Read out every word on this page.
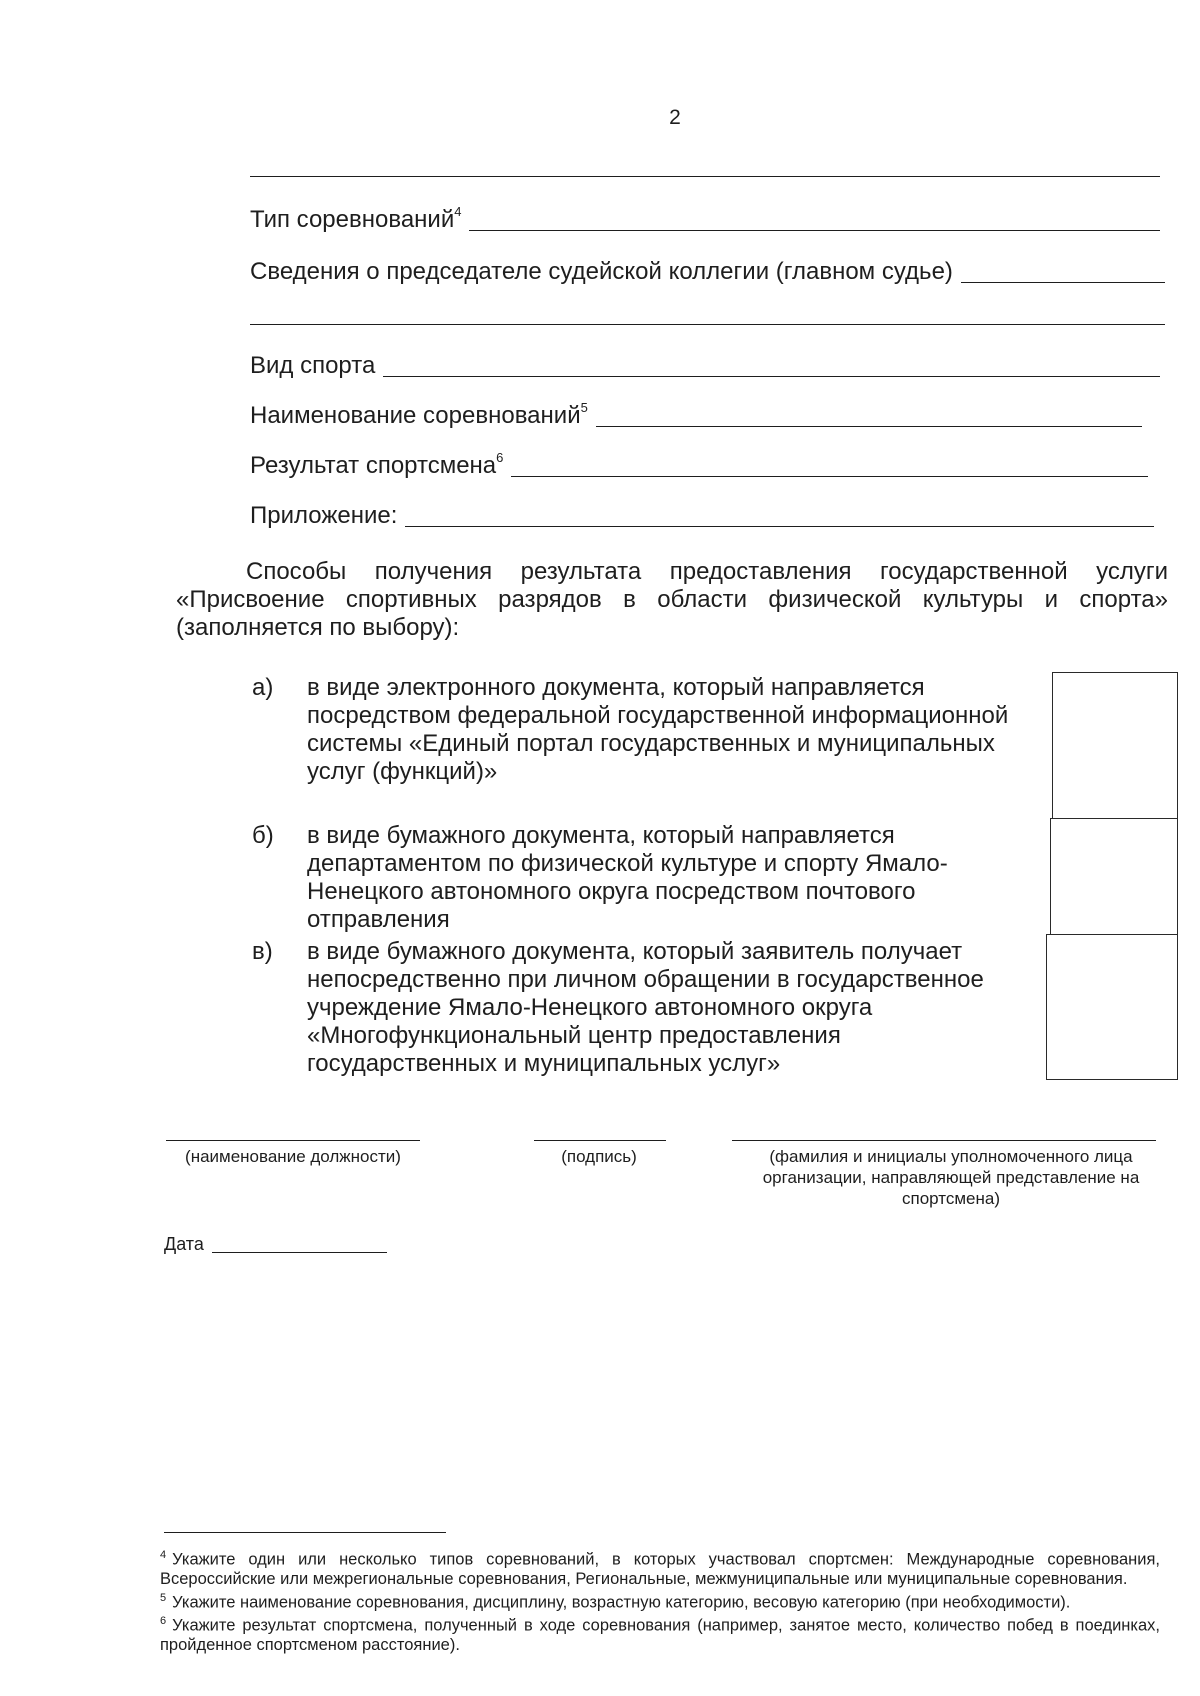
2
Тип соревнований$^4$
Сведения о председателе судейской коллегии (главном судье)
Вид спорта
Наименование соревнований$^5$
Результат спортсмена$^6$
Приложение:
Способы получения результата предоставления государственной услуги «Присвоение спортивных разрядов в области физической культуры и спорта» (заполняется по выбору):
а)	в виде электронного документа, который направляется посредством федеральной государственной информационной системы «Единый портал государственных и муниципальных услуг (функций)»
б)	в виде бумажного документа, который направляется департаментом по физической культуре и спорту Ямало-Ненецкого автономного округа посредством почтового отправления
в)	в виде бумажного документа, который заявитель получает непосредственно при личном обращении в государственное учреждение Ямало-Ненецкого автономного округа «Многофункциональный центр предоставления государственных и муниципальных услуг»
(наименование должности)	(подпись)	(фамилия и инициалы уполномоченного лица организации, направляющей представление на спортсмена)
Дата

$^4$ Укажите один или несколько типов соревнований, в которых участвовал спортсмен: Международные соревнования, Всероссийские или межрегиональные соревнования, Региональные, межмуниципальные или муниципальные соревнования.

$^5$ Укажите наименование соревнования, дисциплину, возрастную категорию, весовую категорию (при необходимости).

$^6$ Укажите результат спортсмена, полученный в ходе соревнования (например, занятое место, количество побед в поединках, пройденное спортсменом расстояние).
